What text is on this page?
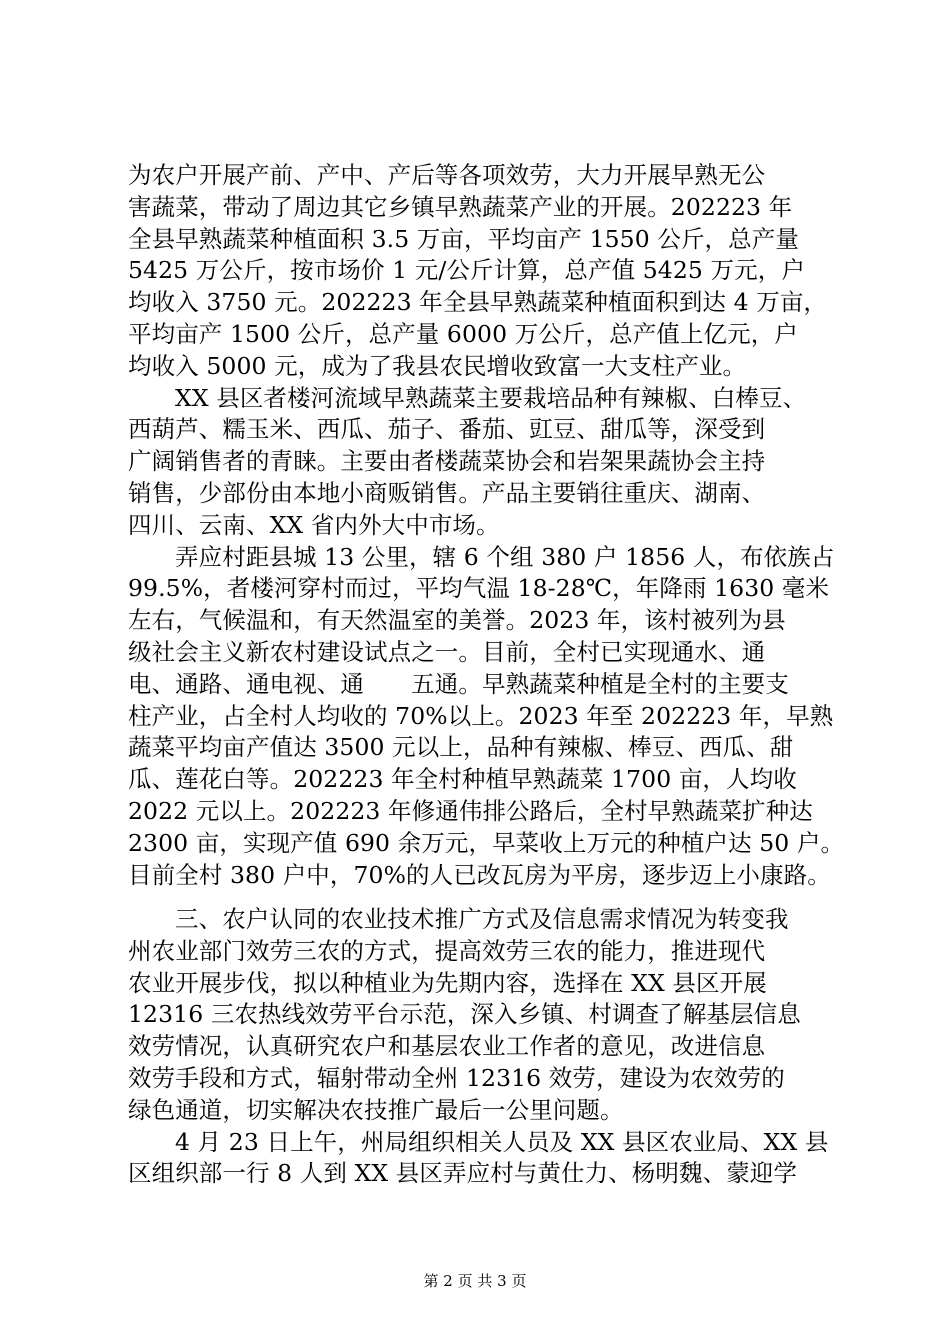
为农户开展产前、产中、产后等各项效劳，大力开展早熟无公
害蔬菜，带动了周边其它乡镇早熟蔬菜产业的开展。202223 年
全县早熟蔬菜种植面积 3.5 万亩，平均亩产 1550 公斤，总产量
5425 万公斤，按市场价 1 元/公斤计算，总产值 5425 万元，户
均收入 3750 元。202223 年全县早熟蔬菜种植面积到达 4 万亩，
平均亩产 1500 公斤，总产量 6000 万公斤，总产值上亿元，户
均收入 5000 元，成为了我县农民增收致富一大支柱产业。
XX 县区者楼河流域早熟蔬菜主要栽培品种有辣椒、白棒豆、
西葫芦、糯玉米、西瓜、茄子、番茄、豇豆、甜瓜等，深受到
广阔销售者的青睐。主要由者楼蔬菜协会和岩架果蔬协会主持
销售，少部份由本地小商贩销售。产品主要销往重庆、湖南、
四川、云南、XX 省内外大中市场。
弄应村距县城 13 公里，辖 6 个组 380 户 1856 人，布依族占
99.5%，者楼河穿村而过，平均气温 18-28℃，年降雨 1630 毫米
左右，气候温和，有天然温室的美誉。2023 年，该村被列为县
级社会主义新农村建设试点之一。目前，全村已实现通水、通
电、通路、通电视、通　　五通。早熟蔬菜种植是全村的主要支
柱产业，占全村人均收的 70%以上。2023 年至 202223 年，早熟
蔬菜平均亩产值达 3500 元以上，品种有辣椒、棒豆、西瓜、甜
瓜、莲花白等。202223 年全村种植早熟蔬菜 1700 亩，人均收
2022 元以上。202223 年修通伟排公路后，全村早熟蔬菜扩种达
2300 亩，实现产值 690 余万元，早菜收上万元的种植户达 50 户。
目前全村 380 户中，70%的人已改瓦房为平房，逐步迈上小康路。
三、农户认同的农业技术推广方式及信息需求情况为转变我
州农业部门效劳三农的方式，提高效劳三农的能力，推进现代
农业开展步伐，拟以种植业为先期内容，选择在 XX 县区开展
12316 三农热线效劳平台示范，深入乡镇、村调查了解基层信息
效劳情况，认真研究农户和基层农业工作者的意见，改进信息
效劳手段和方式，辐射带动全州 12316 效劳，建设为农效劳的
绿色通道，切实解决农技推广最后一公里问题。
4 月 23 日上午，州局组织相关人员及 XX 县区农业局、XX 县
区组织部一行 8 人到 XX 县区弄应村与黄仕力、杨明魏、蒙迎学
第 2 页 共 3 页
